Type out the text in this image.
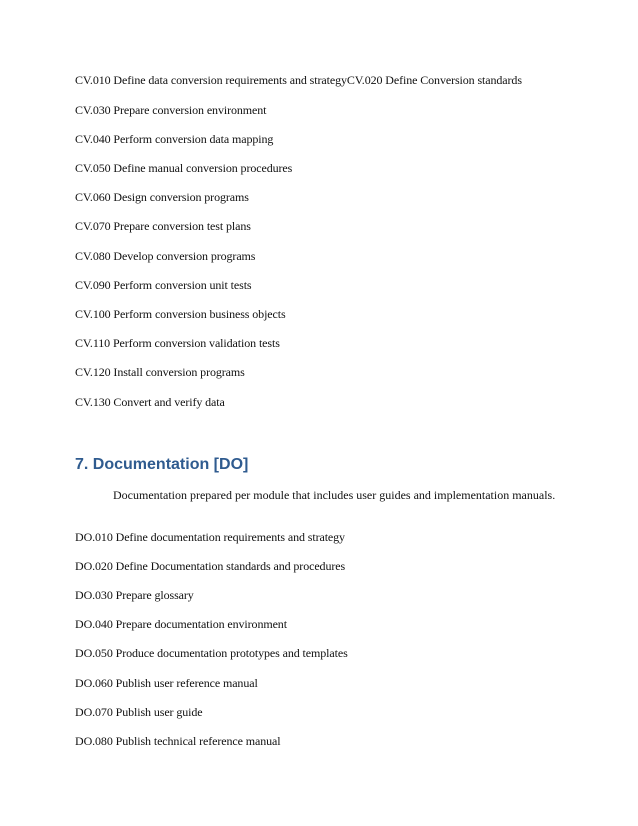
CV.010 Define data conversion requirements and strategyCV.020 Define Conversion standards
CV.030 Prepare conversion environment
CV.040 Perform conversion data mapping
CV.050 Define manual conversion procedures
CV.060 Design conversion programs
CV.070 Prepare conversion test plans
CV.080 Develop conversion programs
CV.090 Perform conversion unit tests
CV.100 Perform conversion business objects
CV.110 Perform conversion validation tests
CV.120 Install conversion programs
CV.130 Convert and verify data
7. Documentation [DO]
Documentation prepared per module that includes user guides and implementation manuals.
DO.010 Define documentation requirements and strategy
DO.020 Define Documentation standards and procedures
DO.030 Prepare glossary
DO.040 Prepare documentation environment
DO.050 Produce documentation prototypes and templates
DO.060 Publish user reference manual
DO.070 Publish user guide
DO.080 Publish technical reference manual
